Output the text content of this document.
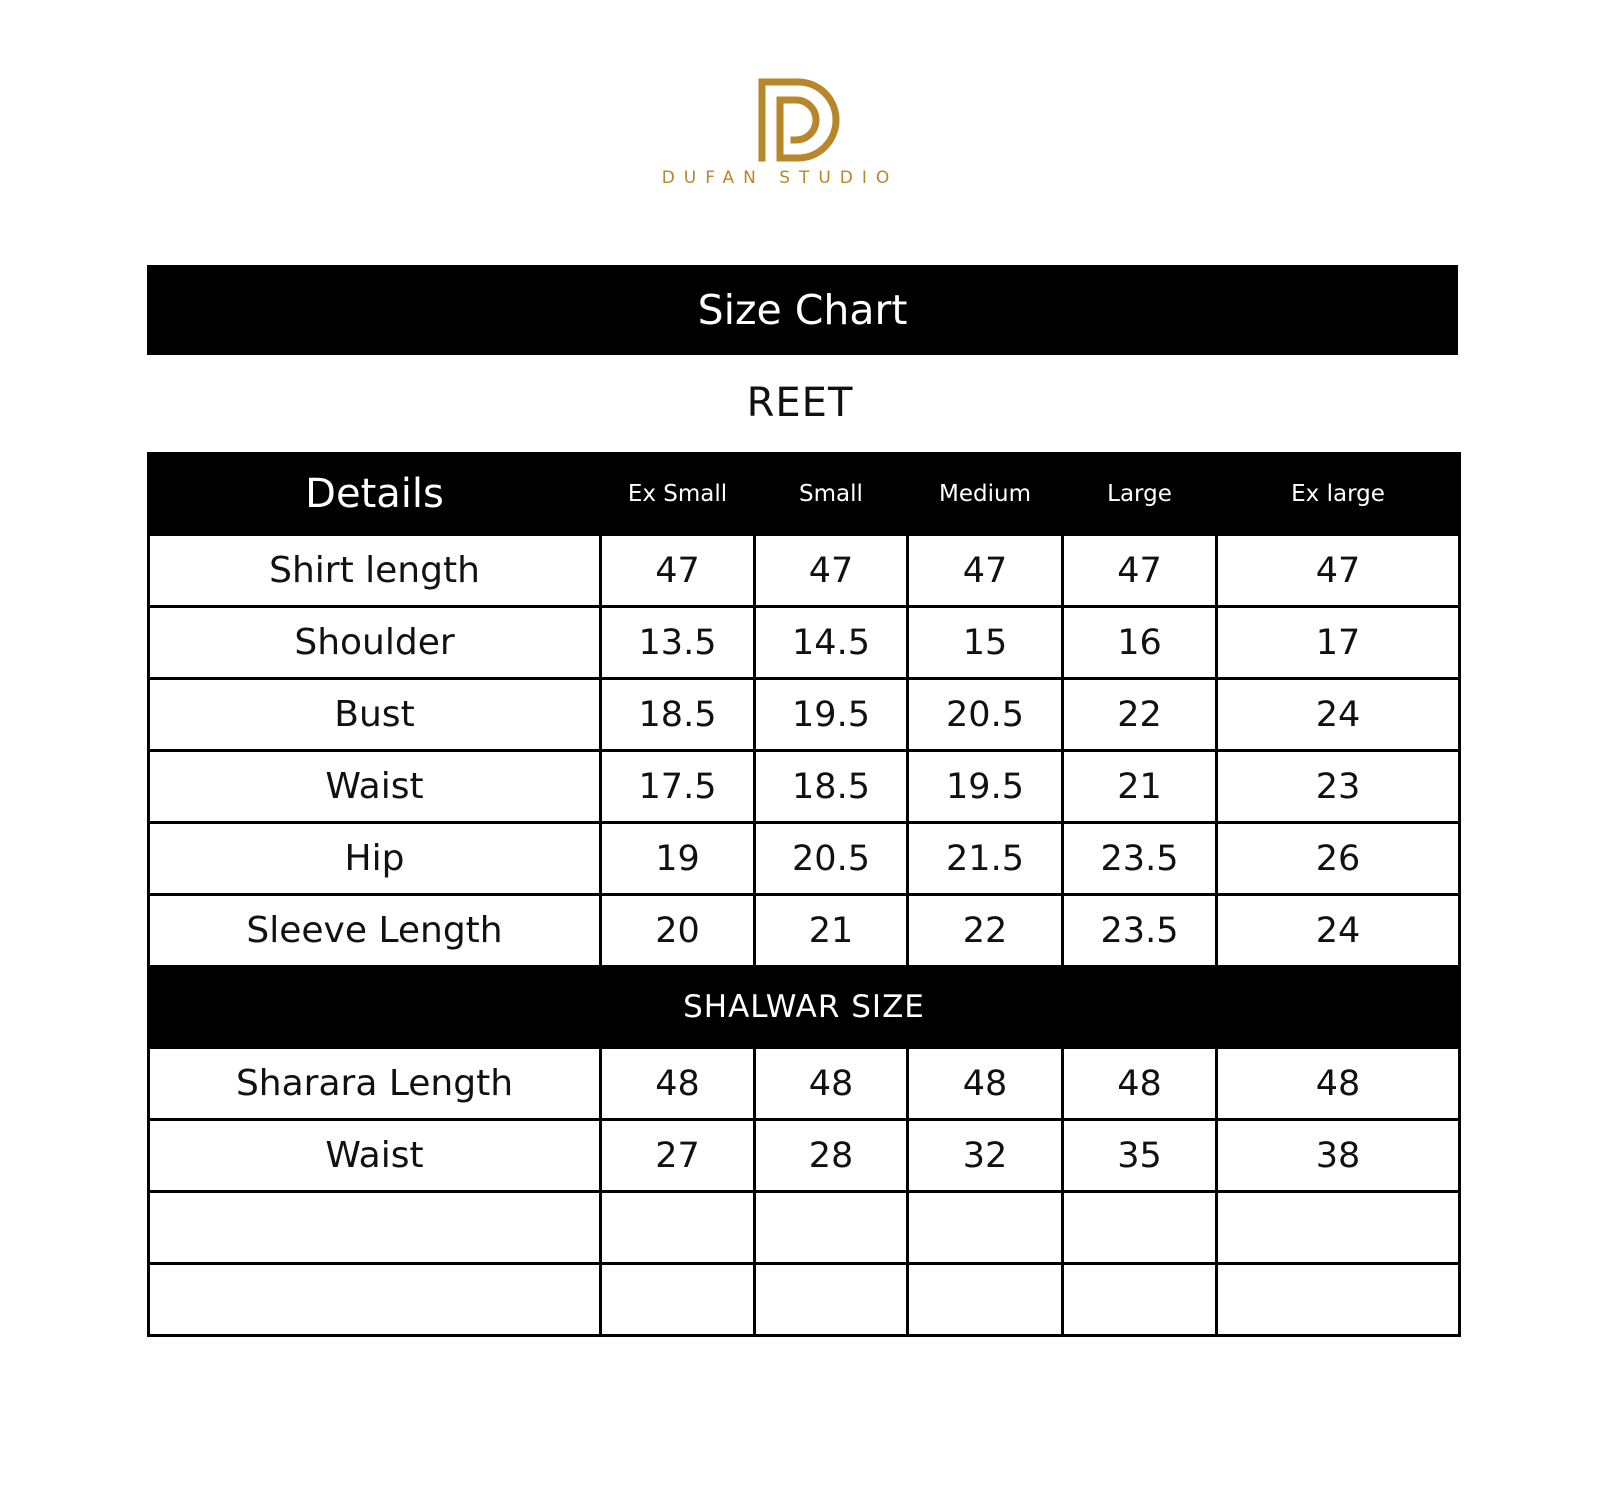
DUFAN STUDIO
Size Chart
REET
Details	Ex Small	Small	Medium	Large	Ex large
Shirt length	47	47	47	47	47
Shoulder	13.5	14.5	15	16	17
Bust	18.5	19.5	20.5	22	24
Waist	17.5	18.5	19.5	21	23
Hip	19	20.5	21.5	23.5	26
Sleeve Length	20	21	22	23.5	24
SHALWAR SIZE					
Sharara Length	48	48	48	48	48
Waist	27	28	32	35	38
